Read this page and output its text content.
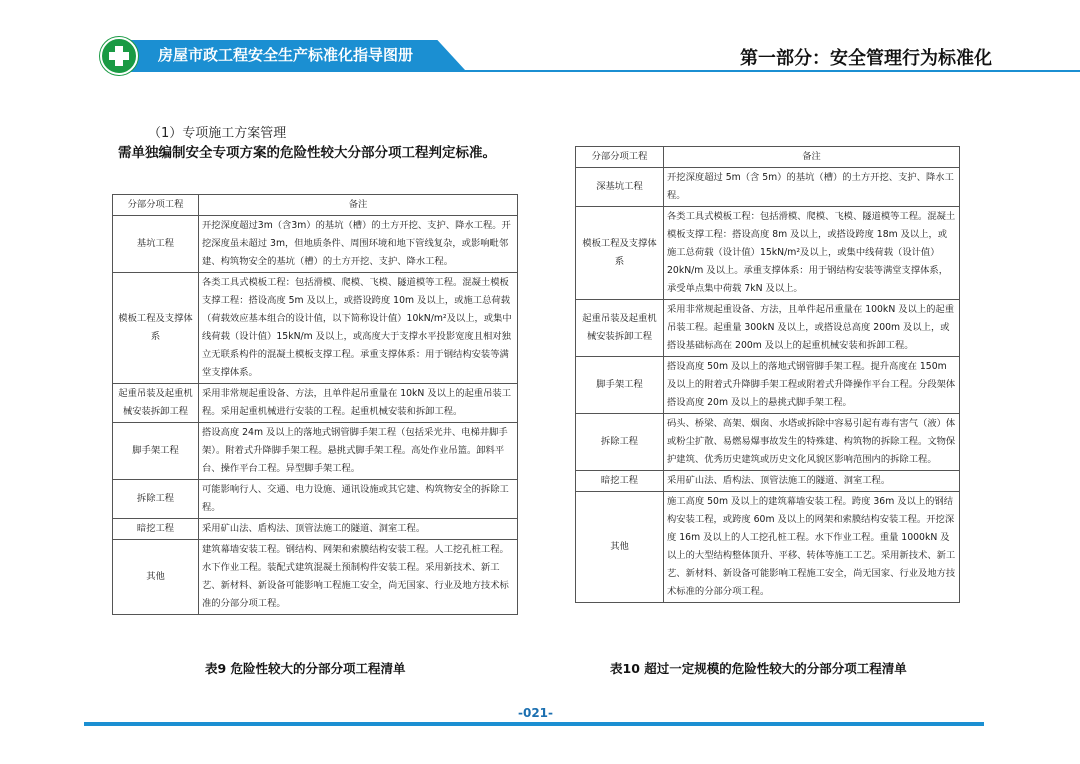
房屋市政工程安全生产标准化指导图册	第一部分：安全管理行为标准化
（1）专项施工方案管理
需单独编制安全专项方案的危险性较大分部分项工程判定标准。
分部分项工程	备注
基坑工程	开挖深度超过3m（含3m）的基坑（槽）的土方开挖、支护、降水工程。开挖深度虽未超过 3m，但地质条件、周围环境和地下管线复杂，或影响毗邻建、构筑物安全的基坑（槽）的土方开挖、支护、降水工程。
模板工程及支撑体系	各类工具式模板工程：包括滑模、爬模、飞模、隧道模等工程。混凝土模板支撑工程：搭设高度 5m 及以上，或搭设跨度 10m 及以上，或施工总荷载（荷载效应基本组合的设计值，以下简称设计值）10kN/m²及以上，或集中线荷载（设计值）15kN/m 及以上，或高度大于支撑水平投影宽度且相对独立无联系构件的混凝土模板支撑工程。承重支撑体系：用于钢结构安装等满堂支撑体系。
起重吊装及起重机械安装拆卸工程	采用非常规起重设备、方法，且单件起吊重量在 10kN 及以上的起重吊装工程。采用起重机械进行安装的工程。起重机械安装和拆卸工程。
脚手架工程	搭设高度 24m 及以上的落地式钢管脚手架工程（包括采光井、电梯井脚手架）。附着式升降脚手架工程。悬挑式脚手架工程。高处作业吊篮。卸料平台、操作平台工程。异型脚手架工程。
拆除工程	可能影响行人、交通、电力设施、通讯设施或其它建、构筑物安全的拆除工程。
暗挖工程	采用矿山法、盾构法、顶管法施工的隧道、洞室工程。
其他	建筑幕墙安装工程。钢结构、网架和索膜结构安装工程。人工挖孔桩工程。水下作业工程。装配式建筑混凝土预制构件安装工程。采用新技术、新工艺、新材料、新设备可能影响工程施工安全，尚无国家、行业及地方技术标准的分部分项工程。
表9 危险性较大的分部分项工程清单
分部分项工程	备注
深基坑工程	开挖深度超过 5m（含 5m）的基坑（槽）的土方开挖、支护、降水工程。
模板工程及支撑体系	各类工具式模板工程：包括滑模、爬模、飞模、隧道模等工程。混凝土模板支撑工程：搭设高度 8m 及以上，或搭设跨度 18m 及以上，或施工总荷载（设计值）15kN/m²及以上，或集中线荷载（设计值）20kN/m 及以上。承重支撑体系：用于钢结构安装等满堂支撑体系，承受单点集中荷载 7kN 及以上。
起重吊装及起重机械安装拆卸工程	采用非常规起重设备、方法，且单件起吊重量在 100kN 及以上的起重吊装工程。起重量 300kN 及以上，或搭设总高度 200m 及以上，或搭设基础标高在 200m 及以上的起重机械安装和拆卸工程。
脚手架工程	搭设高度 50m 及以上的落地式钢管脚手架工程。提升高度在 150m 及以上的附着式升降脚手架工程或附着式升降操作平台工程。分段架体搭设高度 20m 及以上的悬挑式脚手架工程。
拆除工程	码头、桥梁、高架、烟囱、水塔或拆除中容易引起有毒有害气（液）体或粉尘扩散、易燃易爆事故发生的特殊建、构筑物的拆除工程。文物保护建筑、优秀历史建筑或历史文化风貌区影响范围内的拆除工程。
暗挖工程	采用矿山法、盾构法、顶管法施工的隧道、洞室工程。
其他	施工高度 50m 及以上的建筑幕墙安装工程。跨度 36m 及以上的钢结构安装工程，或跨度 60m 及以上的网架和索膜结构安装工程。开挖深度 16m 及以上的人工挖孔桩工程。水下作业工程。重量 1000kN 及以上的大型结构整体顶升、平移、转体等施工工艺。采用新技术、新工艺、新材料、新设备可能影响工程施工安全，尚无国家、行业及地方技术标准的分部分项工程。
表10 超过一定规模的危险性较大的分部分项工程清单
-021-
